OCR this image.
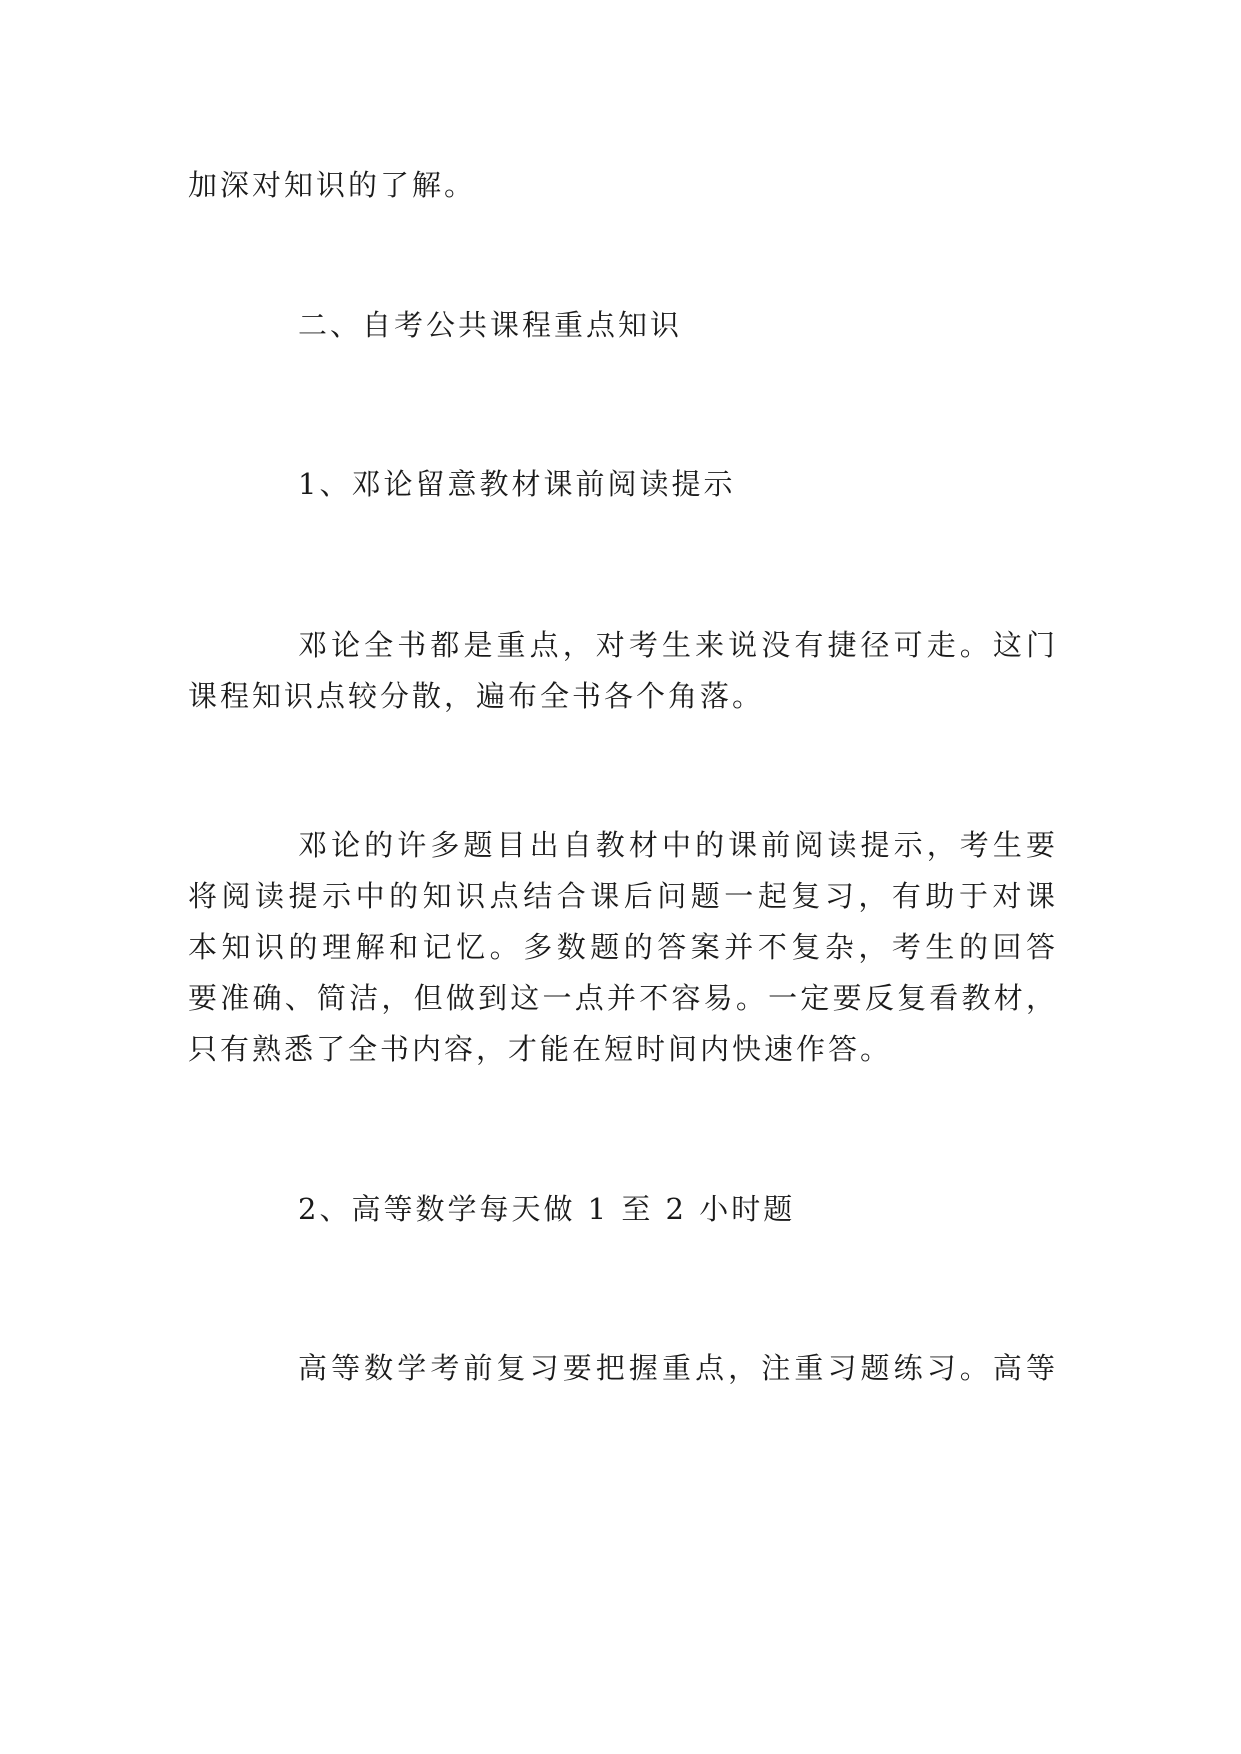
加深对知识的了解。

二、自考公共课程重点知识

1、邓论留意教材课前阅读提示

邓论全书都是重点，对考生来说没有捷径可走。这门

课程知识点较分散，遍布全书各个角落。

邓论的许多题目出自教材中的课前阅读提示，考生要

将阅读提示中的知识点结合课后问题一起复习，有助于对课

本知识的理解和记忆。多数题的答案并不复杂，考生的回答

要准确、简洁，但做到这一点并不容易。一定要反复看教材，

只有熟悉了全书内容，才能在短时间内快速作答。

2、高等数学每天做 1 至 2 小时题

高等数学考前复习要把握重点，注重习题练习。高等
